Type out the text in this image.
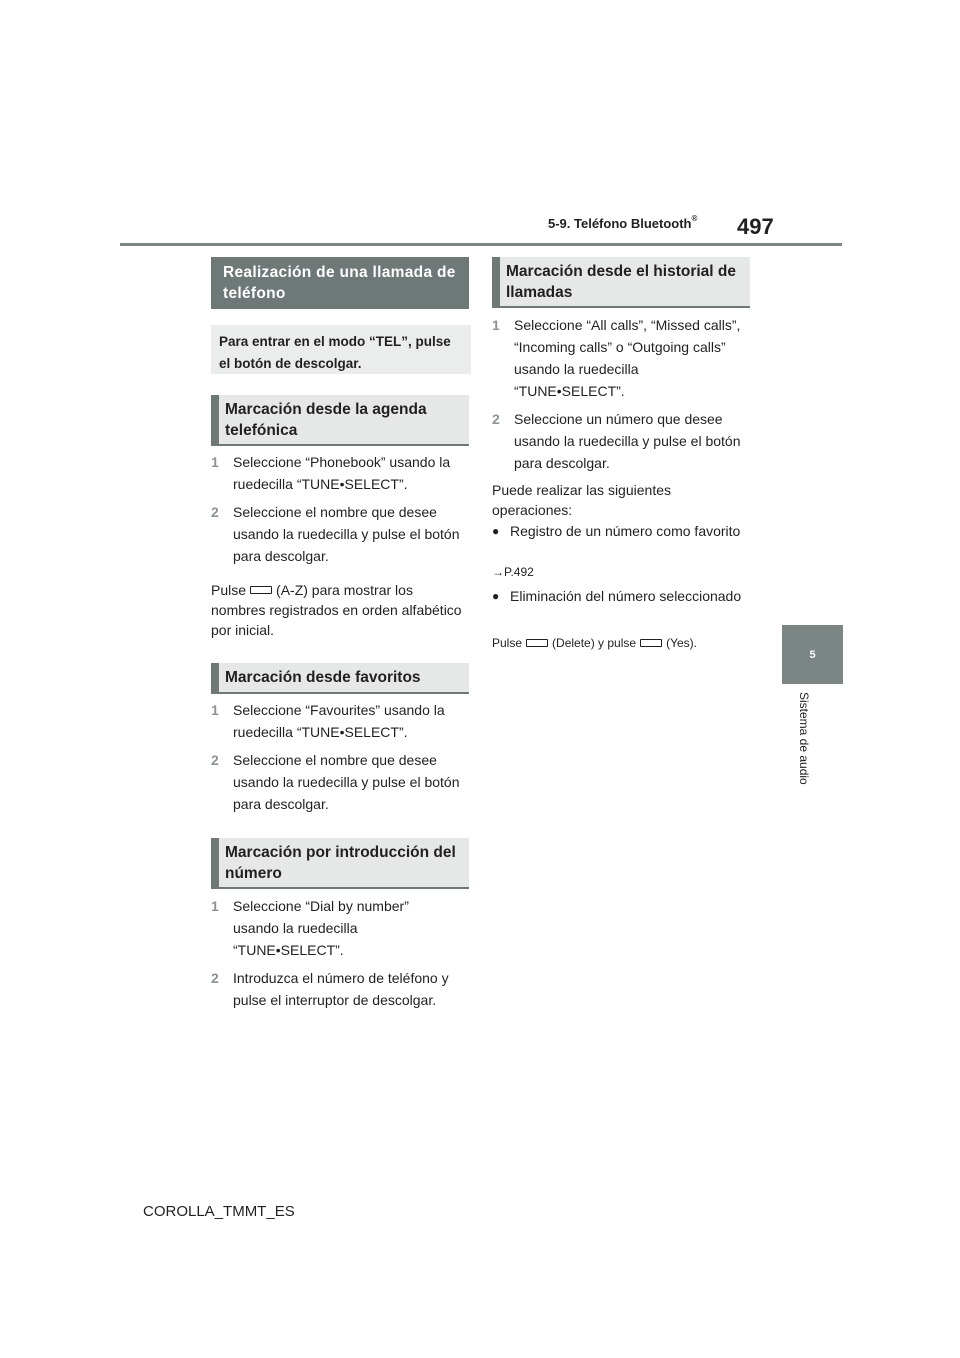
5-9. Teléfono Bluetooth® 497
5
Sistema de audio
Realización de una llamada de teléfono
Para entrar en el modo “TEL”, pulse el botón de descolgar.
Marcación desde la agenda telefónica
1	Seleccione “Phonebook” usando la ruedecilla “TUNE•SELECT”.
2	Seleccione el nombre que desee usando la ruedecilla y pulse el botón para descolgar.
Pulse (A-Z) para mostrar los nombres registrados en orden alfabético por inicial.
Marcación desde favoritos
1	Seleccione “Favourites” usando la ruedecilla “TUNE•SELECT”.
2	Seleccione el nombre que desee usando la ruedecilla y pulse el botón para descolgar.
Marcación por introducción del número
1	Seleccione “Dial by number” usando la ruedecilla “TUNE•SELECT”.
2	Introduzca el número de teléfono y pulse el interruptor de descolgar.
Marcación desde el historial de llamadas
1	Seleccione “All calls”, “Missed calls”, “Incoming calls” o “Outgoing calls” usando la ruedecilla “TUNE•SELECT”.
2	Seleccione un número que desee usando la ruedecilla y pulse el botón para descolgar.
Puede realizar las siguientes operaciones:
● Registro de un número como favorito
→P.492
● Eliminación del número seleccionado
Pulse	(Delete) y pulse	(Yes).
COROLLA_TMMT_ES
